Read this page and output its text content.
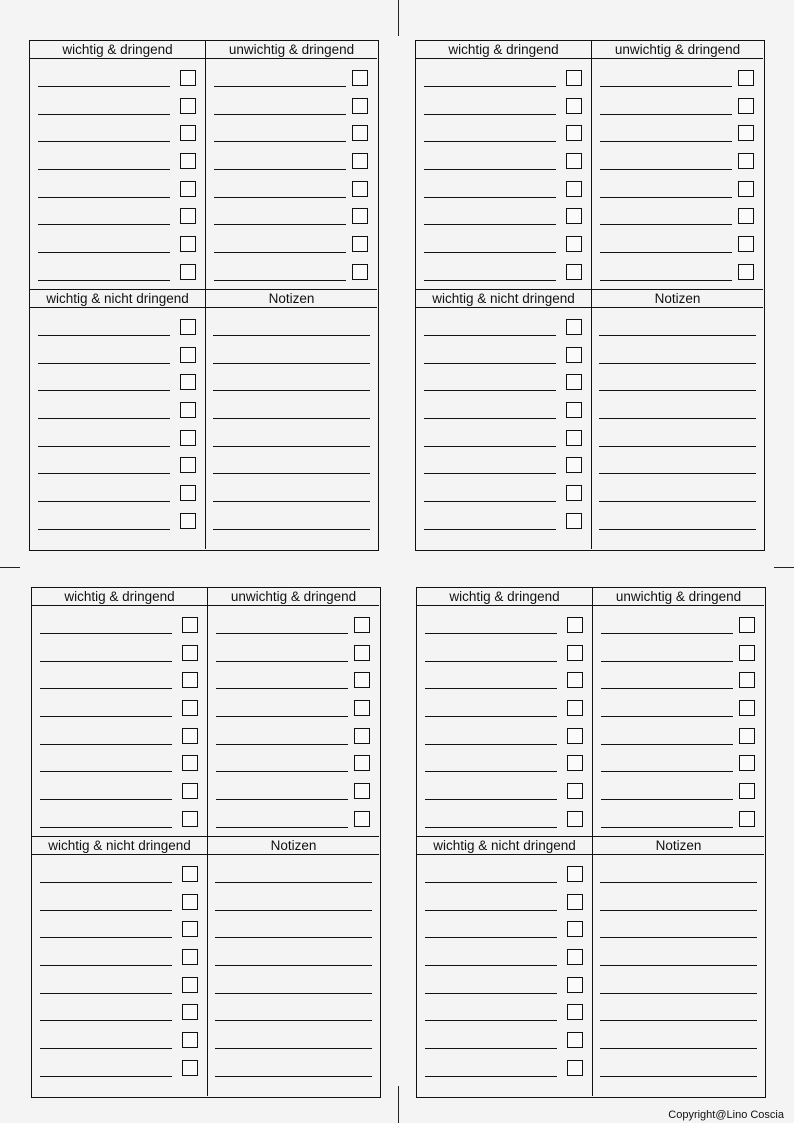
wichtig & dringend	unwichtig & dringend
wichtig & nicht dringend	Notizen
wichtig & dringend	unwichtig & dringend
wichtig & nicht dringend	Notizen
wichtig & dringend	unwichtig & dringend
wichtig & nicht dringend	Notizen
wichtig & dringend	unwichtig & dringend
wichtig & nicht dringend	Notizen
Copyright@Lino Coscia
